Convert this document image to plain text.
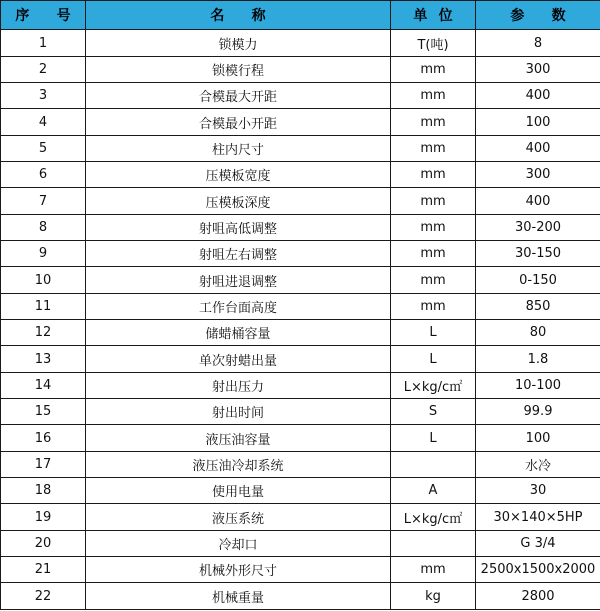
序 号	名 称	单位	参 数
1	锁模力	T(吨)	8
2	锁模行程	mm	300
3	合模最大开距	mm	400
4	合模最小开距	mm	100
5	柱内尺寸	mm	400
6	压模板宽度	mm	300
7	压模板深度	mm	400
8	射咀高低调整	mm	30-200
9	射咀左右调整	mm	30-150
10	射咀进退调整	mm	0-150
11	工作台面高度	mm	850
12	储蜡桶容量	L	80
13	单次射蜡出量	L	1.8
14	射出压力	L×kg/c㎡	10-100
15	射出时间	S	99.9
16	液压油容量	L	100
17	液压油冷却系统		水冷
18	使用电量	A	30
19	液压系统	L×kg/c㎡	30×140×5HP
20	冷却口		G 3/4
21	机械外形尺寸	mm	2500x1500x2000
22	机械重量	kg	2800
